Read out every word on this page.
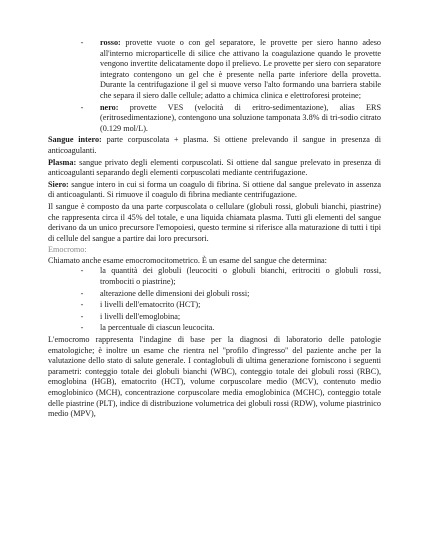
-	rosso: provette vuote o con gel separatore, le provette per siero hanno adeso all'interno microparticelle di silice che attivano la coagulazione quando le provette vengono invertite delicatamente dopo il prelievo. Le provette per siero con separatore integrato contengono un gel che è presente nella parte inferiore della provetta. Durante la centrifugazione il gel si muove verso l'alto formando una barriera stabile che separa il siero dalle cellule; adatto a chimica clinica e elettroforesi proteine;

-	nero: provette VES (velocità di eritro-sedimentazione), alias ERS (eritrosedimentazione), contengono una soluzione tamponata 3.8% di tri-sodio citrato (0.129 mol/L).

Sangue intero: parte corpuscolata + plasma. Si ottiene prelevando il sangue in presenza di anticoagulanti.

Plasma: sangue privato degli elementi corpuscolati. Si ottiene dal sangue prelevato in presenza di anticoagulanti separando degli elementi corpuscolati mediante centrifugazione.

Siero: sangue intero in cui si forma un coagulo di fibrina. Si ottiene dal sangue prelevato in assenza di anticoagulanti. Si rimuove il coagulo di fibrina mediante centrifugazione.

Il sangue è composto da una parte corpuscolata o cellulare (globuli rossi, globuli bianchi, piastrine) che rappresenta circa il 45% del totale, e una liquida chiamata plasma. Tutti gli elementi del sangue derivano da un unico precursore l'emopoiesi, questo termine si riferisce alla maturazione di tutti i tipi di cellule del sangue a partire dai loro precursori.

Emocromo:

Chiamato anche esame emocromocitometrico. È un esame del sangue che determina:

-	la quantità dei globuli (leucociti o globuli bianchi, eritrociti o globuli rossi, trombociti o piastrine);

-	alterazione delle dimensioni dei globuli rossi;

-	i livelli dell'ematocrito (HCT);

-	i livelli dell'emoglobina;

-	la percentuale di ciascun leucocita.

L'emocromo rappresenta l'indagine di base per la diagnosi di laboratorio delle patologie ematologiche; è inoltre un esame che rientra nel "profilo d'ingresso" del paziente anche per la valutazione dello stato di salute generale. I contaglobuli di ultima generazione forniscono i seguenti parametri: conteggio totale dei globuli bianchi (WBC), conteggio totale dei globuli rossi (RBC), emoglobina (HGB), ematocrito (HCT), volume corpuscolare medio (MCV), contenuto medio emoglobinico (MCH), concentrazione corpuscolare media emoglobinica (MCHC), conteggio totale delle piastrine (PLT), indice di distribuzione volumetrica dei globuli rossi (RDW), volume piastrinico medio (MPV),
